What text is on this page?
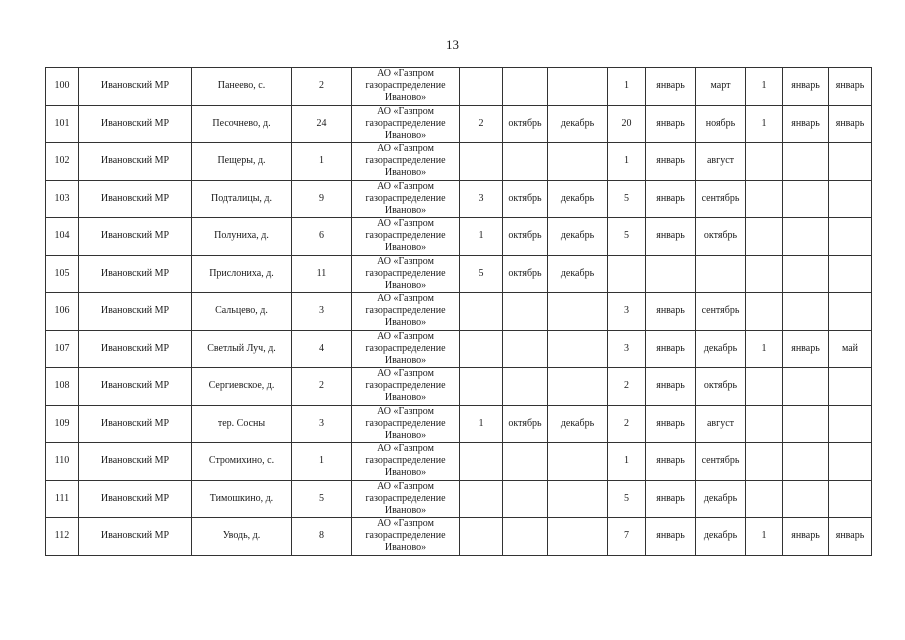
13
100	Ивановский МР	Панеево, с.	2	АО «Газпром
газораспределение
Иваново»				1	январь	март	1	январь	январь
101	Ивановский МР	Песочнево, д.	24	АО «Газпром
газораспределение
Иваново»	2	октябрь	декабрь	20	январь	ноябрь	1	январь	январь
102	Ивановский МР	Пещеры, д.	1	АО «Газпром
газораспределение
Иваново»				1	январь	август			
103	Ивановский МР	Подталицы, д.	9	АО «Газпром
газораспределение
Иваново»	3	октябрь	декабрь	5	январь	сентябрь			
104	Ивановский МР	Полуниха, д.	6	АО «Газпром
газораспределение
Иваново»	1	октябрь	декабрь	5	январь	октябрь			
105	Ивановский МР	Прислониха, д.	11	АО «Газпром
газораспределение
Иваново»	5	октябрь	декабрь						
106	Ивановский МР	Сальцево, д.	3	АО «Газпром
газораспределение
Иваново»				3	январь	сентябрь			
107	Ивановский МР	Светлый Луч, д.	4	АО «Газпром
газораспределение
Иваново»				3	январь	декабрь	1	январь	май
108	Ивановский МР	Сергиевское, д.	2	АО «Газпром
газораспределение
Иваново»				2	январь	октябрь			
109	Ивановский МР	тер. Сосны	3	АО «Газпром
газораспределение
Иваново»	1	октябрь	декабрь	2	январь	август			
110	Ивановский МР	Стромихино, с.	1	АО «Газпром
газораспределение
Иваново»				1	январь	сентябрь			
111	Ивановский МР	Тимошкино, д.	5	АО «Газпром
газораспределение
Иваново»				5	январь	декабрь			
112	Ивановский МР	Уводь, д.	8	АО «Газпром
газораспределение
Иваново»				7	январь	декабрь	1	январь	январь
